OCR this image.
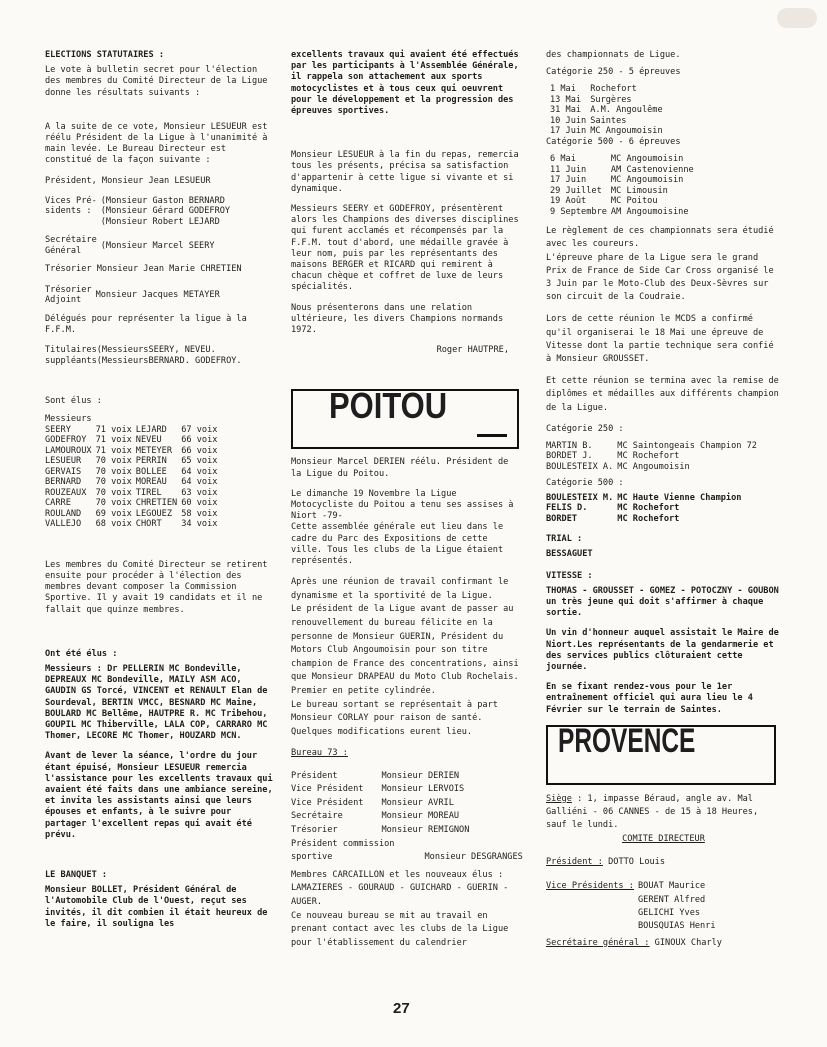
ELECTIONS STATUTAIRES :

Le vote à bulletin secret pour l'élection des membres du Comité Directeur de la Ligue donne les résultats suivants :

A la suite de ce vote, Monsieur LESUEUR est réélu Président de la Ligue à l'unanimité à main levée. Le Bureau Directeur est constitué de la façon suivante :

Président, Monsieur Jean LESUEUR

Vices Pré-
sidents :	(Monsieur Gaston BERNARD
(Monsieur Gérard GODEFROY
(Monsieur Robert LEJARD
Secrétaire
Général	(Monsieur Marcel SEERY

Trésorier Monsieur Jean Marie CHRETIEN

Trésorier
Adjoint	Monsieur Jacques METAYER

Délégués pour représenter la ligue à la F.F.M.

Titulaires(MessieursSEERY, NEVEU.
suppléants(MessieursBERNARD. GODEFROY.

Sont élus :
Messieurs
SEERY	71 voix	LEJARD	67 voix
GODEFROY	71 voix	NEVEU	66 voix
LAMOUROUX	71 voix	METEYER	66 voix
LESUEUR	70 voix	PERRIN	65 voix
GERVAIS	70 voix	BOLLEE	64 voix
BERNARD	70 voix	MOREAU	64 voix
ROUZEAUX	70 voix	TIREL	63 voix
CARRE	70 voix	CHRETIEN	60 voix
ROULAND	69 voix	LEGOUEZ	58 voix
VALLEJO	68 voix	CHORT	34 voix

Les membres du Comité Directeur se retirent ensuite pour procéder à l'élection des membres devant composer la Commission Sportive. Il y avait 19 candidats et il ne fallait que quinze membres.

Ont été élus :

Messieurs : Dr PELLERIN MC Bondeville, DEPREAUX MC Bondeville, MAILY ASM ACO, GAUDIN GS Torcé, VINCENT et RENAULT Elan de Sourdeval, BERTIN VMCC, BESNARD MC Maine, BOULARD MC Bellême, HAUTPRE R. MC Tribehou, GOUPIL MC Thiberville, LALA COP, CARRARO MC Thomer, LECORE MC Thomer, HOUZARD MCN.

Avant de lever la séance, l'ordre du jour étant épuisé, Monsieur LESUEUR remercia l'assistance pour les excellents travaux qui avaient été faits dans une ambiance sereine, et invita les assistants ainsi que leurs épouses et enfants, à le suivre pour partager l'excellent repas qui avait été prévu.

LE BANQUET :

Monsieur BOLLET, Président Général de l'Automobile Club de l'Ouest, reçut ses invités, il dit combien il était heureux de le faire, il souligna les

excellents travaux qui avaient été effectués par les participants à l'Assemblée Générale, il rappela son attachement aux sports motocyclistes et à tous ceux qui oeuvrent pour le développement et la progression des épreuves sportives.

Monsieur LESUEUR à la fin du repas, remercia tous les présents, précisa sa satisfaction d'appartenir à cette ligue si vivante et si dynamique.

Messieurs SEERY et GODEFROY, présentèrent alors les Champions des diverses disciplines qui furent acclamés et récompensés par la F.F.M. tout d'abord, une médaille gravée à leur nom, puis par les représentants des maisons BERGER et RICARD qui remirent à chacun chèque et coffret de luxe de leurs spécialités.

Nous présenterons dans une relation ultérieure, les divers Champions normands 1972.

Roger HAUTPRE,

POITOU

Monsieur Marcel DERIEN réélu. Président de la Ligue du Poitou.

Le dimanche 19 Novembre la Ligue Motocycliste du Poitou a tenu ses assises à Niort -79-
Cette assemblée générale eut lieu dans le cadre du Parc des Expositions de cette ville. Tous les clubs de la Ligue étaient représentés.

Après une réunion de travail confirmant le dynamisme et la sportivité de la Ligue.
Le président de la Ligue avant de passer au renouvellement du bureau félicite en la personne de Monsieur GUERIN, Président du Motors Club Angoumoisin pour son titre champion de France des concentrations, ainsi que Monsieur DRAPEAU du Moto Club Rochelais. Premier en petite cylindrée.
Le bureau sortant se représentait à part Monsieur CORLAY pour raison de santé. Quelques modifications eurent lieu.

Bureau 73 :
Président	Monsieur DERIEN
Vice Président	Monsieur LERVOIS
Vice Président	Monsieur AVRIL
Secrétaire	Monsieur MOREAU
Trésorier	Monsieur REMIGNON
Président commission
sportive	Monsieur DESGRANGES

Membres CARCAILLON et les nouveaux élus :
LAMAZIERES - GOURAUD - GUICHARD - GUERIN - AUGER.
Ce nouveau bureau se mit au travail en prenant contact avec les clubs de la Ligue pour l'établissement du calendrier

des championnats de Ligue.

Catégorie 250 - 5 épreuves

1 Mai	Rochefort
13 Mai	Surgères
31 Mai	A.M. Angoulême
10 Juin	Saintes
17 Juin	MC Angoumoisin
Catégorie 500 - 6 épreuves
6 Mai	MC Angoumoisin
11 Juin	AM Castenovienne
17 Juin	MC Angoumoisin
29 Juillet	MC Limousin
19 Août	MC Poitou
9 Septembre	AM Angoumoisine

Le règlement de ces championnats sera étudié avec les coureurs.
L'épreuve phare de la Ligue sera le grand Prix de France de Side Car Cross organisé le 3 Juin par le Moto-Club des Deux-Sèvres sur son circuit de la Coudraie.

Lors de cette réunion le MCDS a confirmé qu'il organiserai le 18 Mai une épreuve de Vitesse dont la partie technique sera confié à Monsieur GROUSSET.

Et cette réunion se termina avec la remise de diplômes et médailles aux différents champion de la Ligue.

Catégorie 250 :

MARTIN B.	MC Saintongeais Champion 72
BORDET J.	MC Rochefort
BOULESTEIX A.	MC Angoumoisin
Catégorie 500 :
BOULESTEIX M.	MC Haute Vienne Champion
FELIS D.	MC Rochefort
BORDET	MC Rochefort
TRIAL :
BESSAGUET
VITESSE :

THOMAS - GROUSSET - GOMEZ - POTOCZNY - GOUBON un très jeune qui doit s'affirmer à chaque sortie.

Un vin d'honneur auquel assistait le Maire de Niort.Les représentants de la gendarmerie et des services publics clôturaient cette journée.

En se fixant rendez-vous pour le 1er entraînement officiel qui aura lieu le 4 Février sur le terrain de Saintes.

PROVENCE
Siège : 1, impasse Béraud, angle av. Mal Galliéni - 06 CANNES - de 15 à 18 Heures, sauf le lundi.
COMITE DIRECTEUR
Président : DOTTO Louis
Vice Présidents :	BOUAT Maurice
GERENT Alfred
GELICHI Yves
BOUSQUIAS Henri
Secrétaire général : GINOUX Charly
27
